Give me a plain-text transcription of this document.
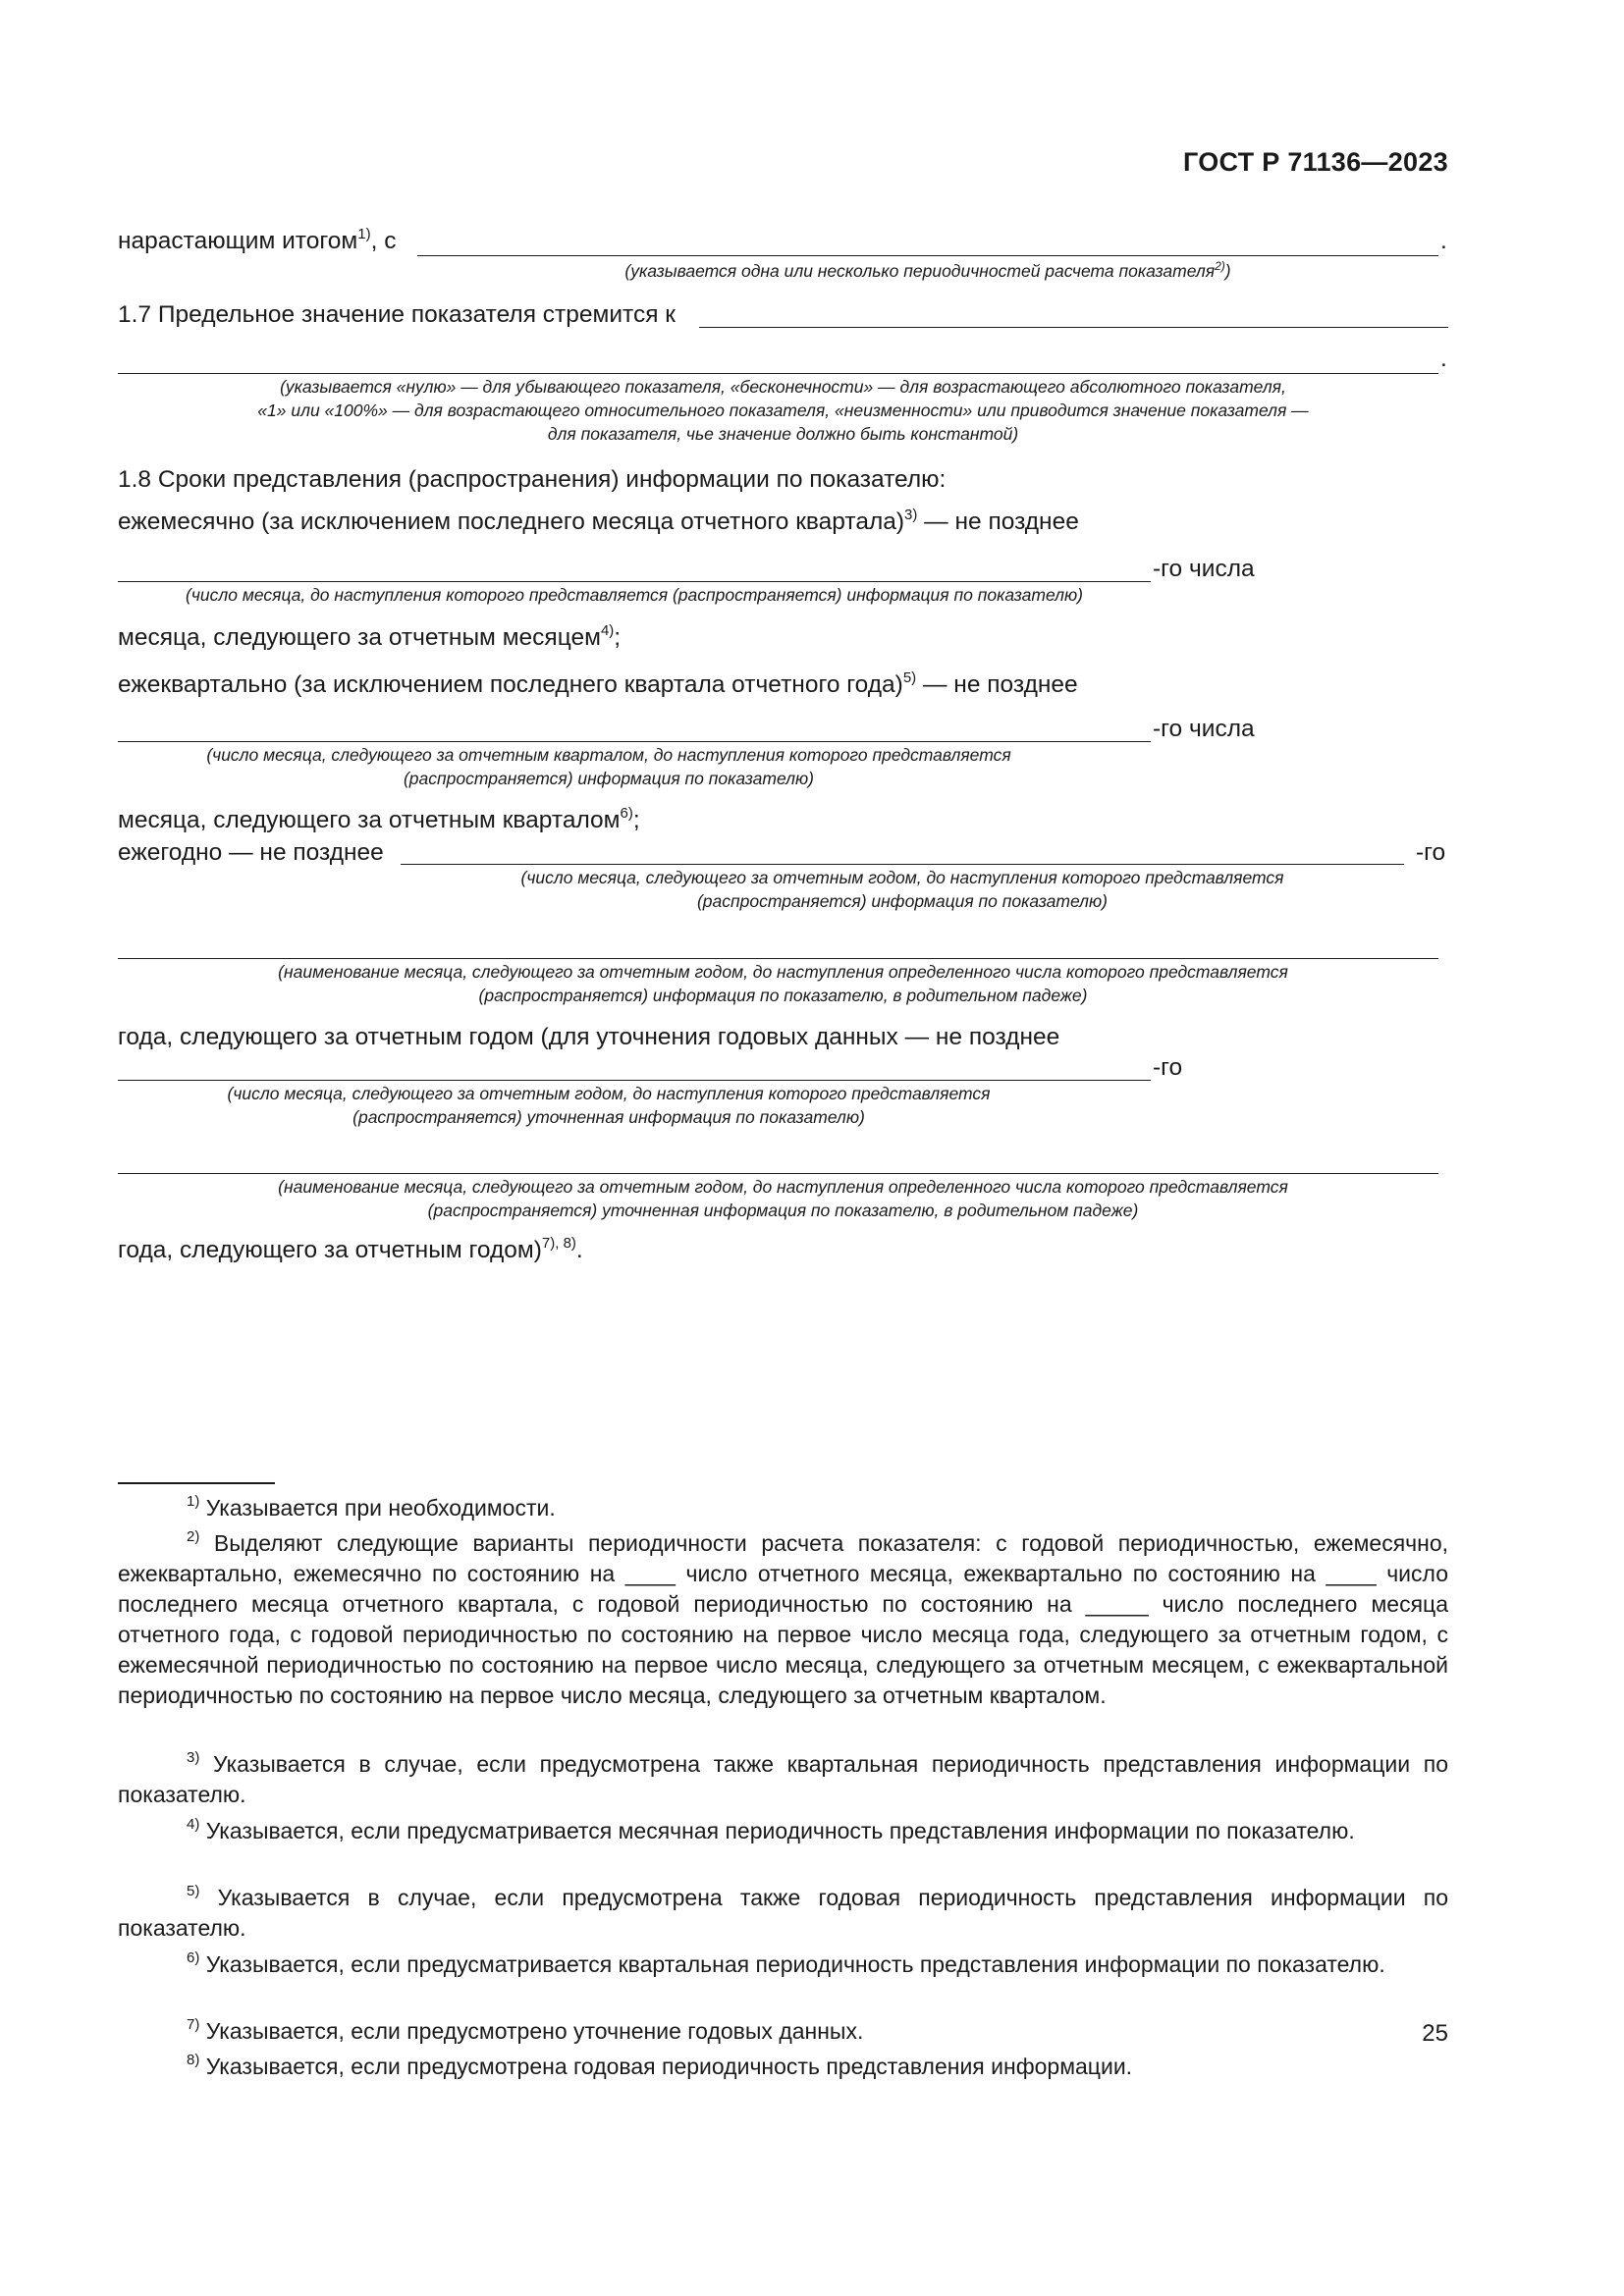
ГОСТ Р 71136—2023
нарастающим итогом$^{1)}$, с	.
(указывается одна или несколько периодичностей расчета показателя$^{2)}$)
1.7 Предельное значение показателя стремится к
.
(указывается «нулю» — для убывающего показателя, «бесконечности» — для возрастающего абсолютного показателя,
«1» или «100%» — для возрастающего относительного показателя, «неизменности» или приводится значение показателя —
для показателя, чье значение должно быть константой)
1.8 Сроки представления (распространения) информации по показателю:
ежемесячно (за исключением последнего месяца отчетного квартала)$^{3)}$ — не позднее
-го числа
(число месяца, до наступления которого представляется (распространяется) информация по показателю)
месяца, следующего за отчетным месяцем$^{4)}$;
ежеквартально (за исключением последнего квартала отчетного года)$^{5)}$ — не позднее
-го числа
(число месяца, следующего за отчетным кварталом, до наступления которого представляется
(распространяется) информация по показателю)
месяца, следующего за отчетным кварталом$^{6)}$;
ежегодно — не позднее	-го
(число месяца, следующего за отчетным годом, до наступления которого представляется
(распространяется) информация по показателю)
(наименование месяца, следующего за отчетным годом, до наступления определенного числа которого представляется
(распространяется) информация по показателю, в родительном падеже)
года, следующего за отчетным годом (для уточнения годовых данных — не позднее
-го
(число месяца, следующего за отчетным годом, до наступления которого представляется
(распространяется) уточненная информация по показателю)
(наименование месяца, следующего за отчетным годом, до наступления определенного числа которого представляется
(распространяется) уточненная информация по показателю, в родительном падеже)
года, следующего за отчетным годом)$^{7), 8)}$.
$^{1)}$ Указывается при необходимости.
$^{2)}$ Выделяют следующие варианты периодичности расчета показателя: с годовой периодичностью, ежемесячно, ежеквартально, ежемесячно по состоянию на ____ число отчетного месяца, ежеквартально по состоянию на ____ число последнего месяца отчетного квартала, с годовой периодичностью по состоянию на _____ число последнего месяца отчетного года, с годовой периодичностью по состоянию на первое число месяца года, следующего за отчетным годом, с ежемесячной периодичностью по состоянию на первое число месяца, следующего за отчетным месяцем, с ежеквартальной периодичностью по состоянию на первое число месяца, следующего за отчетным кварталом.
$^{3)}$ Указывается в случае, если предусмотрена также квартальная периодичность представления информации по показателю.
$^{4)}$ Указывается, если предусматривается месячная периодичность представления информации по показателю.
$^{5)}$ Указывается в случае, если предусмотрена также годовая периодичность представления информации по показателю.
$^{6)}$ Указывается, если предусматривается квартальная периодичность представления информации по показателю.
$^{7)}$ Указывается, если предусмотрено уточнение годовых данных.
$^{8)}$ Указывается, если предусмотрена годовая периодичность представления информации.
25
